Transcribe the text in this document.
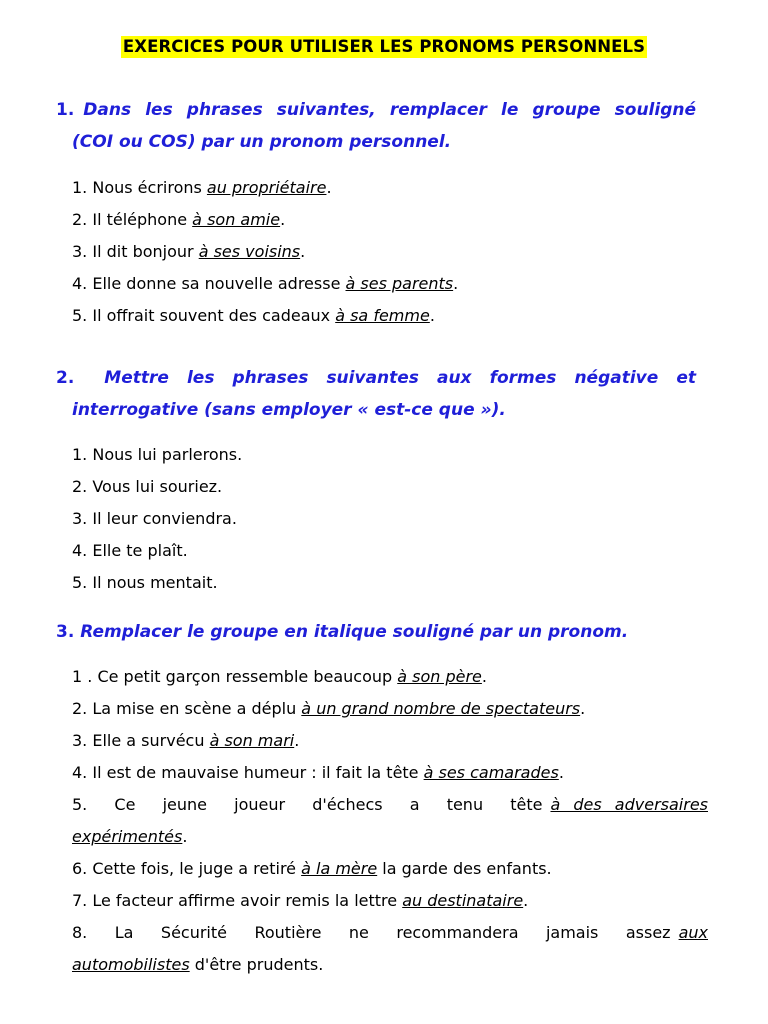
EXERCICES POUR UTILISER LES PRONOMS PERSONNELS
1. Dans les phrases suivantes, remplacer le groupe souligné
(COI ou COS) par un pronom personnel.
1. Nous écrirons au propriétaire.
2. Il téléphone à son amie.
3. Il dit bonjour à ses voisins.
4. Elle donne sa nouvelle adresse à ses parents.
5. Il offrait souvent des cadeaux à sa femme.
2. Mettre les phrases suivantes aux formes négative et
interrogative (sans employer « est-ce que »).
1. Nous lui parlerons.
2. Vous lui souriez.
3. Il leur conviendra.
4. Elle te plaît.
5. Il nous mentait.
3. Remplacer le groupe en italique souligné par un pronom.
1 . Ce petit garçon ressemble beaucoup à son père.
2. La mise en scène a déplu à un grand nombre de spectateurs.
3. Elle a survécu à son mari.
4. Il est de mauvaise humeur : il fait la tête à ses camarades.
5. Ce jeune joueur d'échecs a tenu tête à des adversaires
expérimentés.
6. Cette fois, le juge a retiré à la mère la garde des enfants.
7. Le facteur affirme avoir remis la lettre au destinataire.
8. La Sécurité Routière ne recommandera jamais assez aux
automobilistes d'être prudents.
